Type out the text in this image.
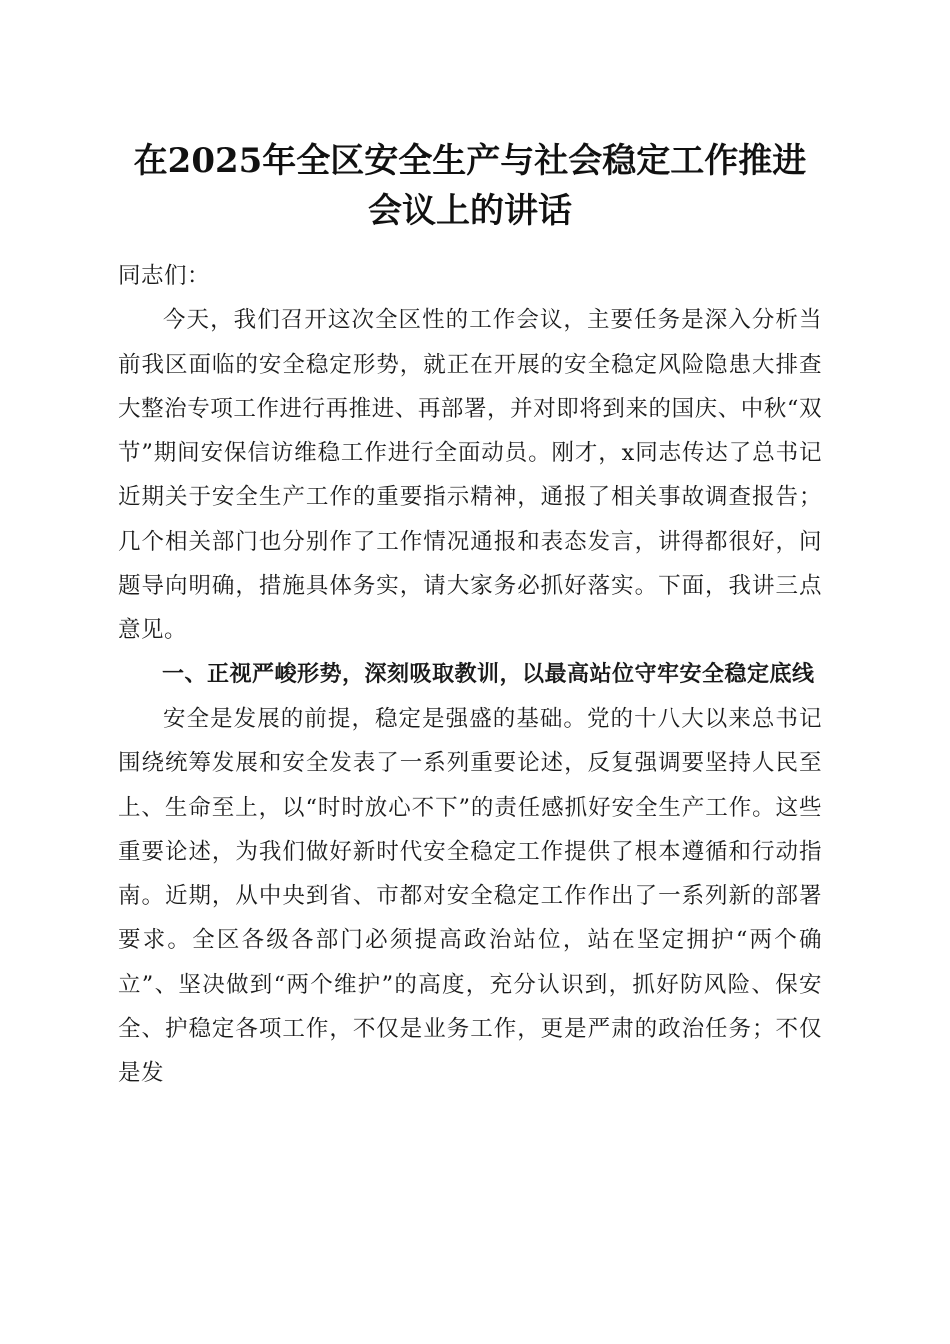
在2025年全区安全生产与社会稳定工作推进
会议上的讲话

同志们：

今天，我们召开这次全区性的工作会议，主要任务是深入分析当前我区面临的安全稳定形势，就正在开展的安全稳定风险隐患大排查大整治专项工作进行再推进、再部署，并对即将到来的国庆、中秋“双节”期间安保信访维稳工作进行全面动员。刚才，x同志传达了总书记近期关于安全生产工作的重要指示精神，通报了相关事故调查报告；几个相关部门也分别作了工作情况通报和表态发言，讲得都很好，问题导向明确，措施具体务实，请大家务必抓好落实。下面，我讲三点意见。

一、正视严峻形势，深刻吸取教训，以最高站位守牢安全稳定底线

安全是发展的前提，稳定是强盛的基础。党的十八大以来总书记围绕统筹发展和安全发表了一系列重要论述，反复强调要坚持人民至上、生命至上，以“时时放心不下”的责任感抓好安全生产工作。这些重要论述，为我们做好新时代安全稳定工作提供了根本遵循和行动指南。近期，从中央到省、市都对安全稳定工作作出了一系列新的部署要求。全区各级各部门必须提高政治站位，站在坚定拥护“两个确立”、坚决做到“两个维护”的高度，充分认识到，抓好防风险、保安全、护稳定各项工作，不仅是业务工作，更是严肃的政治任务；不仅是发
